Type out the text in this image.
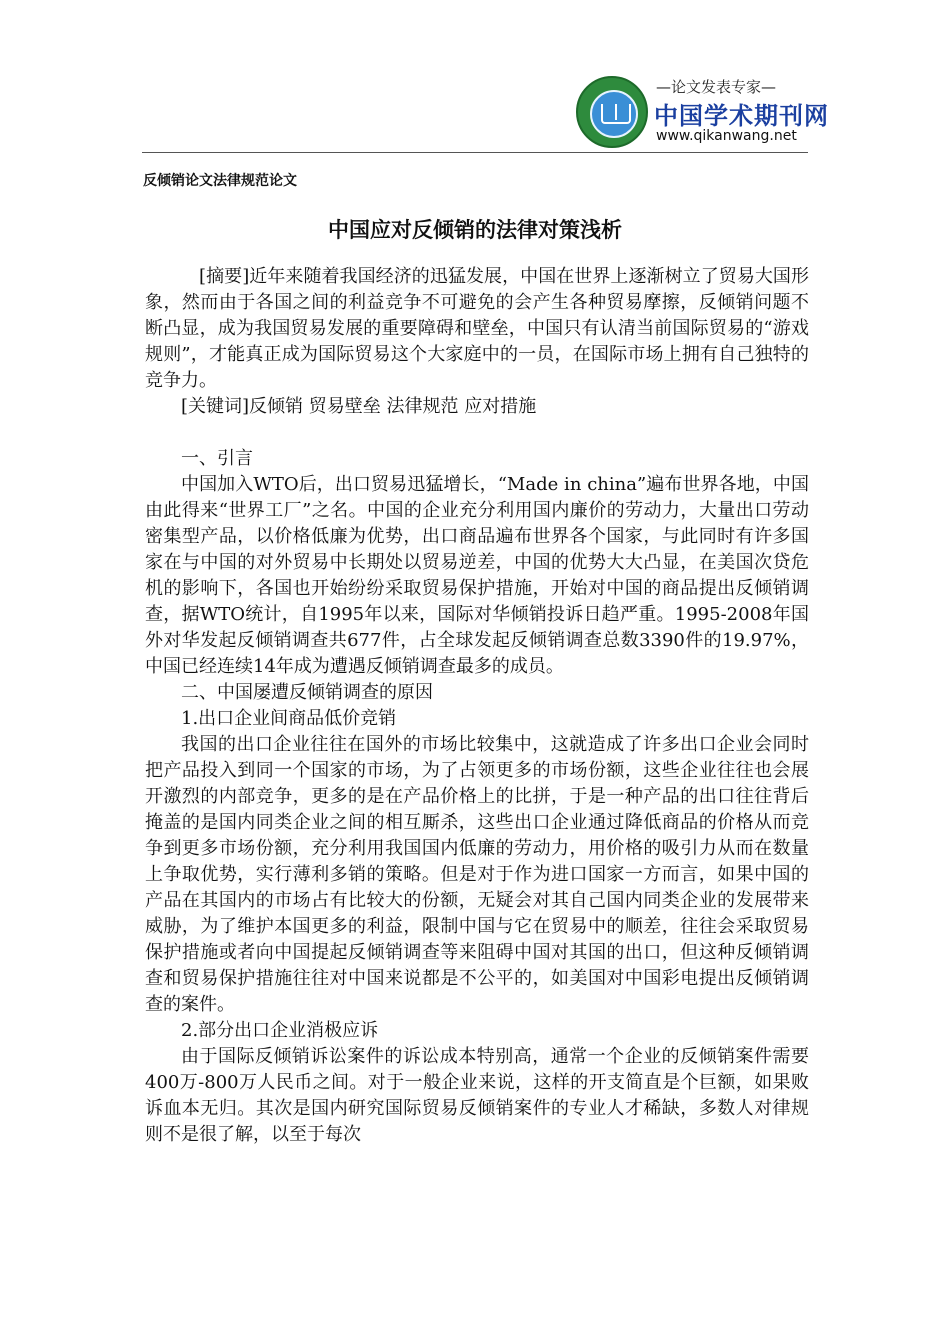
—论文发表专家—
中国学术期刊网
www.qikanwang.net
反倾销论文法律规范论文
中国应对反倾销的法律对策浅析

[摘要]近年来随着我国经济的迅猛发展，中国在世界上逐渐树立了贸易大国形象，然而由于各国之间的利益竞争不可避免的会产生各种贸易摩擦，反倾销问题不断凸显，成为我国贸易发展的重要障碍和壁垒，中国只有认清当前国际贸易的“游戏规则”，才能真正成为国际贸易这个大家庭中的一员，在国际市场上拥有自己独特的竞争力。

[关键词]反倾销 贸易壁垒 法律规范 应对措施

一、引言

中国加入WTO后，出口贸易迅猛增长，“Made in china”遍布世界各地，中国由此得来“世界工厂”之名。中国的企业充分利用国内廉价的劳动力，大量出口劳动密集型产品，以价格低廉为优势，出口商品遍布世界各个国家，与此同时有许多国家在与中国的对外贸易中长期处以贸易逆差，中国的优势大大凸显，在美国次贷危机的影响下，各国也开始纷纷采取贸易保护措施，开始对中国的商品提出反倾销调查，据WTO统计，自1995年以来，国际对华倾销投诉日趋严重。1995-2008年国外对华发起反倾销调查共677件，占全球发起反倾销调查总数3390件的19.97%，中国已经连续14年成为遭遇反倾销调查最多的成员。

二、中国屡遭反倾销调查的原因

1.出口企业间商品低价竞销

我国的出口企业往往在国外的市场比较集中，这就造成了许多出口企业会同时把产品投入到同一个国家的市场，为了占领更多的市场份额，这些企业往往也会展开激烈的内部竞争，更多的是在产品价格上的比拼，于是一种产品的出口往往背后掩盖的是国内同类企业之间的相互厮杀，这些出口企业通过降低商品的价格从而竞争到更多市场份额，充分利用我国国内低廉的劳动力，用价格的吸引力从而在数量上争取优势，实行薄利多销的策略。但是对于作为进口国家一方而言，如果中国的产品在其国内的市场占有比较大的份额，无疑会对其自己国内同类企业的发展带来威胁，为了维护本国更多的利益，限制中国与它在贸易中的顺差，往往会采取贸易保护措施或者向中国提起反倾销调查等来阻碍中国对其国的出口，但这种反倾销调查和贸易保护措施往往对中国来说都是不公平的，如美国对中国彩电提出反倾销调查的案件。

2.部分出口企业消极应诉

由于国际反倾销诉讼案件的诉讼成本特别高，通常一个企业的反倾销案件需要400万-800万人民币之间。对于一般企业来说，这样的开支简直是个巨额，如果败诉血本无归。其次是国内研究国际贸易反倾销案件的专业人才稀缺，多数人对律规则不是很了解，以至于每次
